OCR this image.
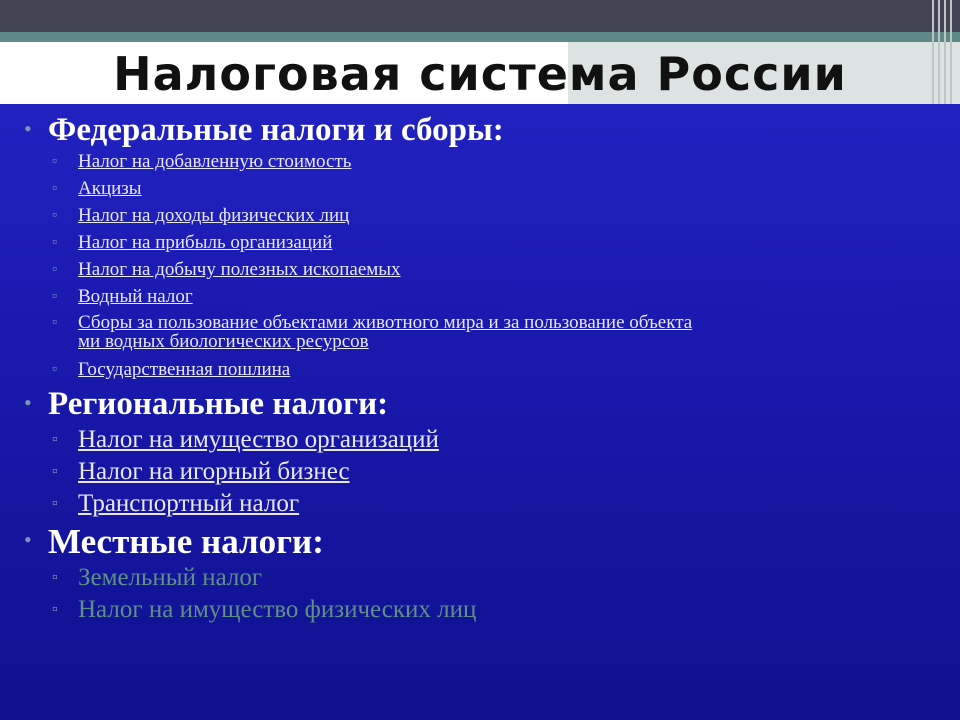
Налоговая система России
• Федеральные налоги и сборы:
▫ Налог на добавленную стоимость
▫ Акцизы
▫ Налог на доходы физических лиц
▫ Налог на прибыль организаций
▫ Налог на добычу полезных ископаемых
▫ Водный налог
▫ Сборы за пользование объектами животного мира и за пользование объекта
ми водных биологических ресурсов
▫ Государственная пошлина
• Региональные налоги:
▫ Налог на имущество организаций
▫ Налог на игорный бизнес
▫ Транспортный налог
• Местные налоги:
▫ Земельный налог
▫ Налог на имущество физических лиц
